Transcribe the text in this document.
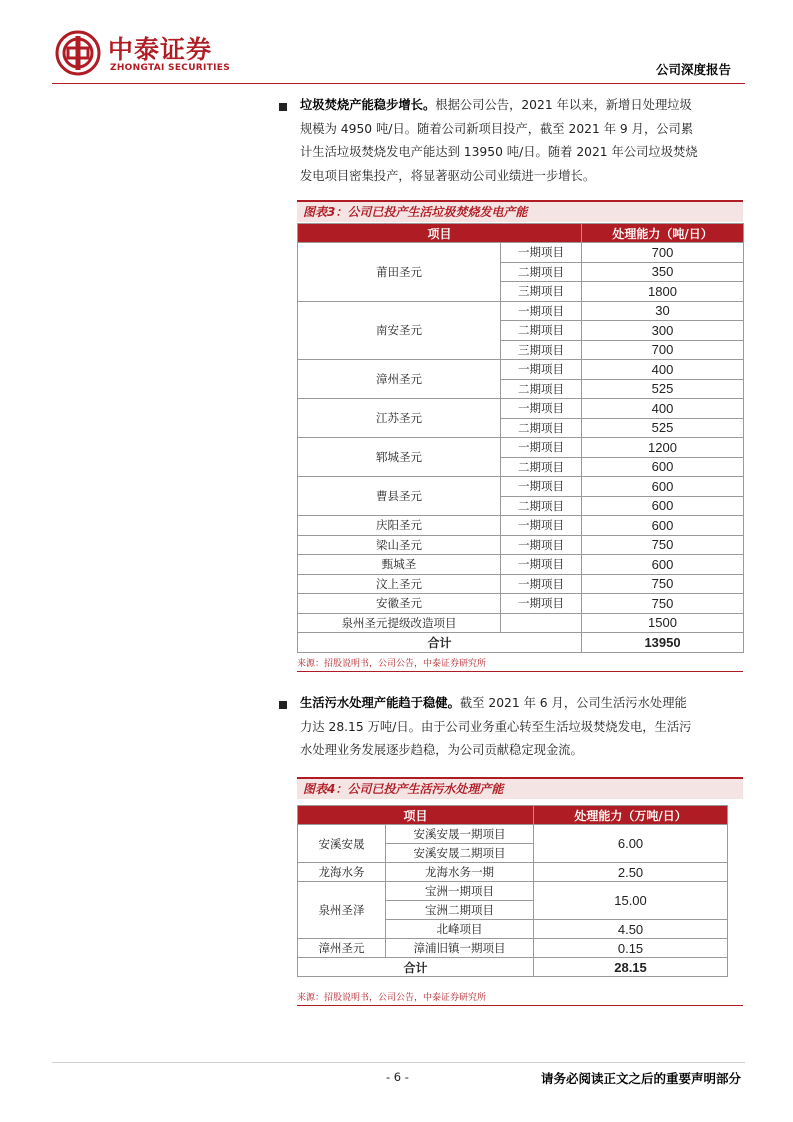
中泰证券
ZHONGTAI SECURITIES	公司深度报告
垃圾焚烧产能稳步增长。根据公司公告，2021 年以来，新增日处理垃圾
规模为 4950 吨/日。随着公司新项目投产，截至 2021 年 9 月，公司累
计生活垃圾焚烧发电产能达到 13950 吨/日。随着 2021 年公司垃圾焚烧
发电项目密集投产，将显著驱动公司业绩进一步增长。
图表3：公司已投产生活垃圾焚烧发电产能
项目		处理能力（吨/日）
莆田圣元	一期项目	700
	二期项目	350
	三期项目	1800
南安圣元	一期项目	30
	二期项目	300
	三期项目	700
漳州圣元	一期项目	400
	二期项目	525
江苏圣元	一期项目	400
	二期项目	525
郓城圣元	一期项目	1200
	二期项目	600
曹县圣元	一期项目	600
	二期项目	600
庆阳圣元	一期项目	600
梁山圣元	一期项目	750
甄城圣	一期项目	600
汶上圣元	一期项目	750
安徽圣元	一期项目	750
泉州圣元提级改造项目		1500
合计		13950
来源：招股说明书，公司公告，中泰证券研究所
生活污水处理产能趋于稳健。截至 2021 年 6 月，公司生活污水处理能
力达 28.15 万吨/日。由于公司业务重心转至生活垃圾焚烧发电，生活污
水处理业务发展逐步趋稳，为公司贡献稳定现金流。
图表4：公司已投产生活污水处理产能
项目		处理能力（万吨/日）
安溪安晟	安溪安晟一期项目	6.00
	安溪安晟二期项目	
龙海水务	龙海水务一期	2.50
泉州圣泽	宝洲一期项目	15.00
	宝洲二期项目	
	北峰项目	4.50
漳州圣元	漳浦旧镇一期项目	0.15
合计		28.15
来源：招股说明书，公司公告，中泰证券研究所
- 6 -	请务必阅读正文之后的重要声明部分
